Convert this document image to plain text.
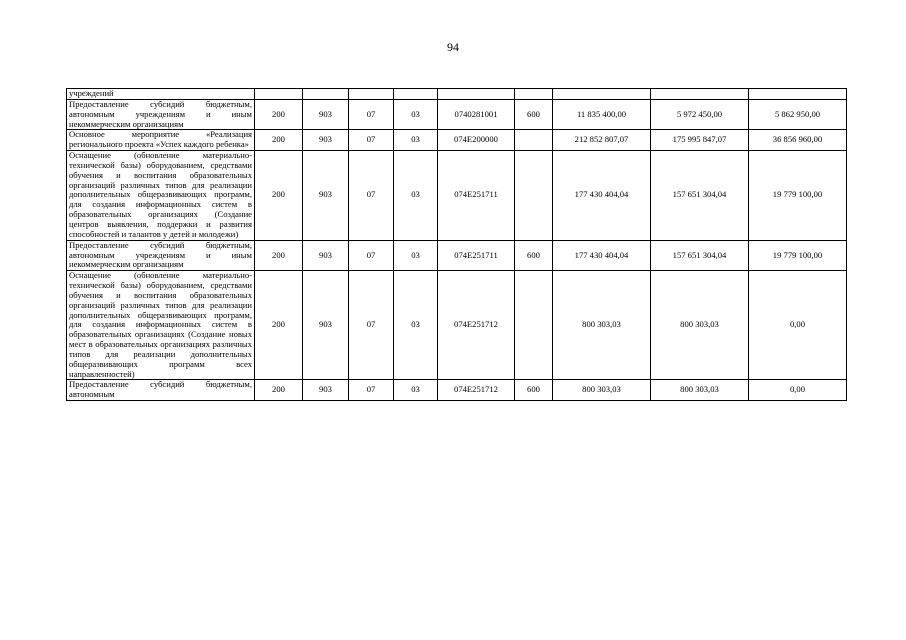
94
учреждений									
Предоставление субсидий бюджетным, автономным учреждениям и иным некоммерческим организациям	200	903	07	03	0740281001	600	11 835 400,00	5 972 450,00	5 862 950,00
Основное мероприятие «Реализация регионального проекта «Успех каждого ребенка»	200	903	07	03	074E200000		212 852 807,07	175 995 847,07	36 856 960,00
Оснащение (обновление материально-технической базы) оборудованием, средствами обучения и воспитания образовательных организаций различных типов для реализации дополнительных общеразвивающих программ, для создания информационных систем в образовательных организациях (Создание центров выявления, поддержки и развития способностей и талантов у детей и молодежи)	200	903	07	03	074E251711		177 430 404,04	157 651 304,04	19 779 100,00
Предоставление субсидий бюджетным, автономным учреждениям и иным некоммерческим организациям	200	903	07	03	074E251711	600	177 430 404,04	157 651 304,04	19 779 100,00
Оснащение (обновление материально-технической базы) оборудованием, средствами обучения и воспитания образовательных организаций различных типов для реализации дополнительных общеразвивающих программ, для создания информационных систем в образовательных организациях (Создание новых мест в образовательных организациях различных типов для реализации дополнительных общеразвивающих программ всех направленностей)	200	903	07	03	074E251712		800 303,03	800 303,03	0,00
Предоставление субсидий бюджетным, автономным	200	903	07	03	074E251712	600	800 303,03	800 303,03	0,00
